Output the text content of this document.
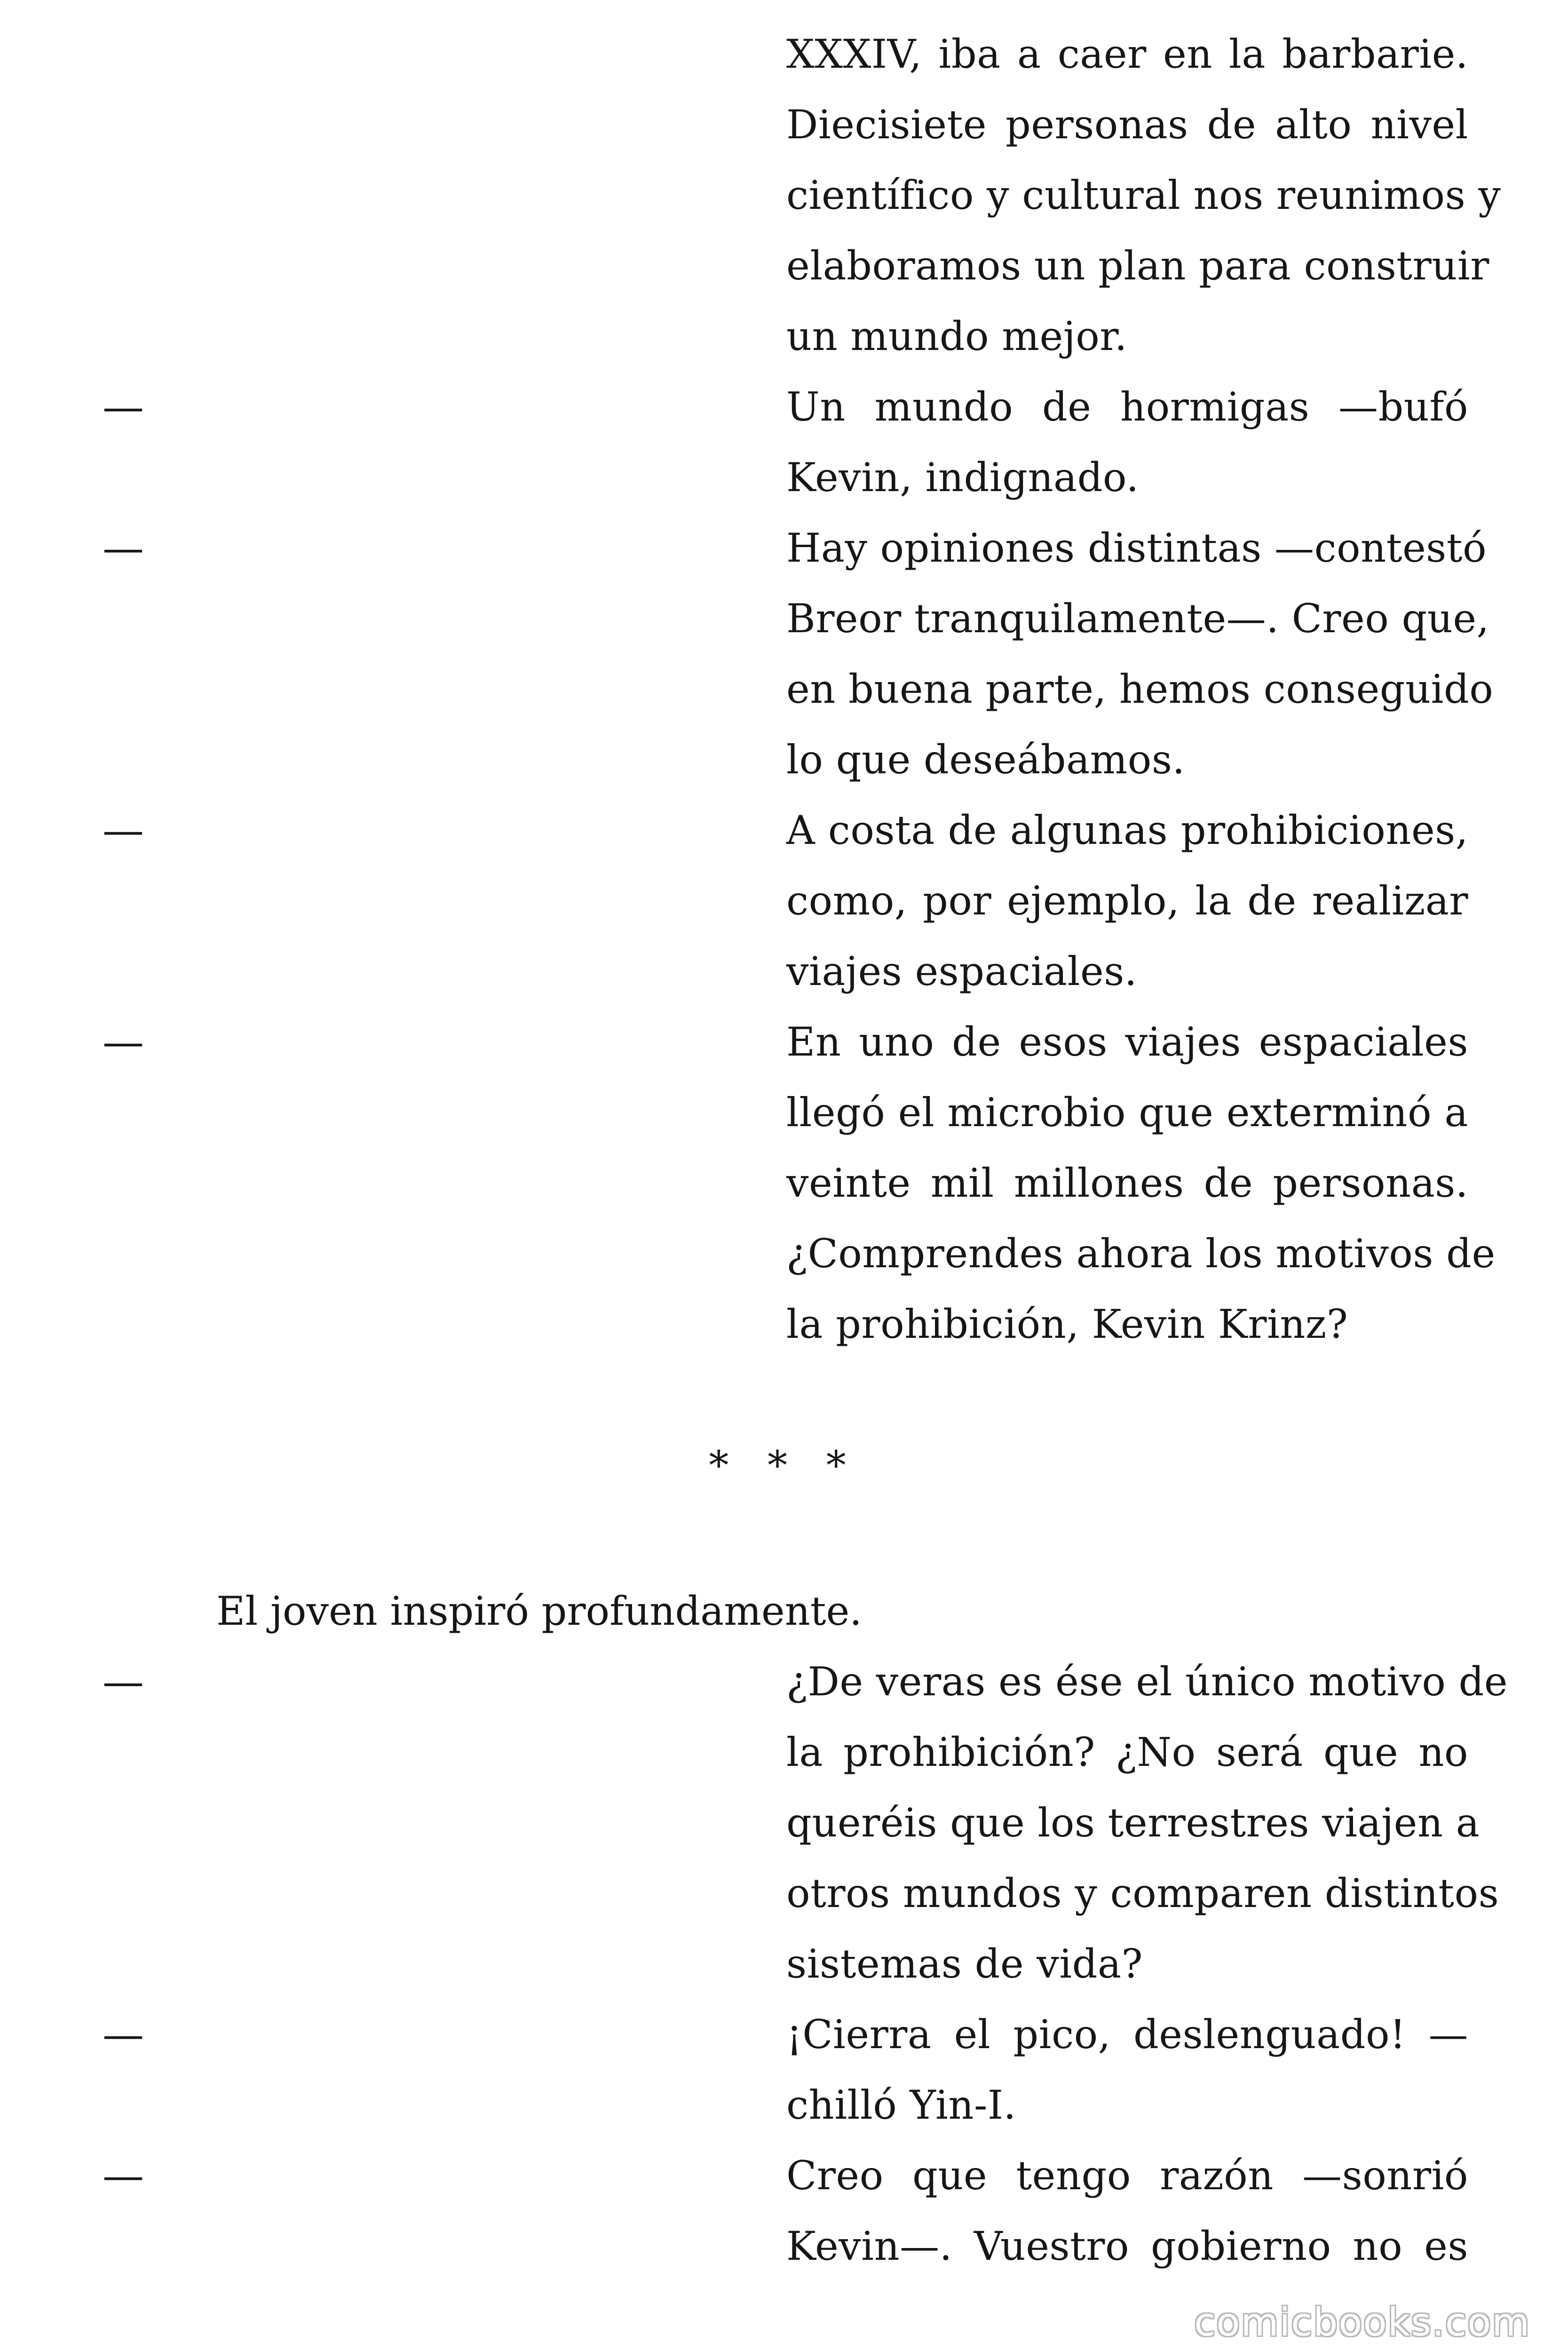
XXXIV, iba a caer en la barbarie.
Diecisiete personas de alto nivel
científico y cultural nos reunimos y
elaboramos un plan para construir
un mundo mejor.
—	Un mundo de hormigas —bufó
Kevin, indignado.
—	Hay opiniones distintas —contestó
Breor tranquilamente—. Creo que,
en buena parte, hemos conseguido
lo que deseábamos.
—	A costa de algunas prohibiciones,
como, por ejemplo, la de realizar
viajes espaciales.
—	En uno de esos viajes espaciales
llegó el microbio que exterminó a
veinte mil millones de personas.
¿Comprendes ahora los motivos de
la prohibición, Kevin Krinz?
* * *
El joven inspiró profundamente.
—	¿De veras es ése el único motivo de
la prohibición? ¿No será que no
queréis que los terrestres viajen a
otros mundos y comparen distintos
sistemas de vida?
—	¡Cierra el pico, deslenguado! —
chilló Yin-I.
—	Creo que tengo razón —sonrió
Kevin—. Vuestro gobierno no es
comicbooks.com
